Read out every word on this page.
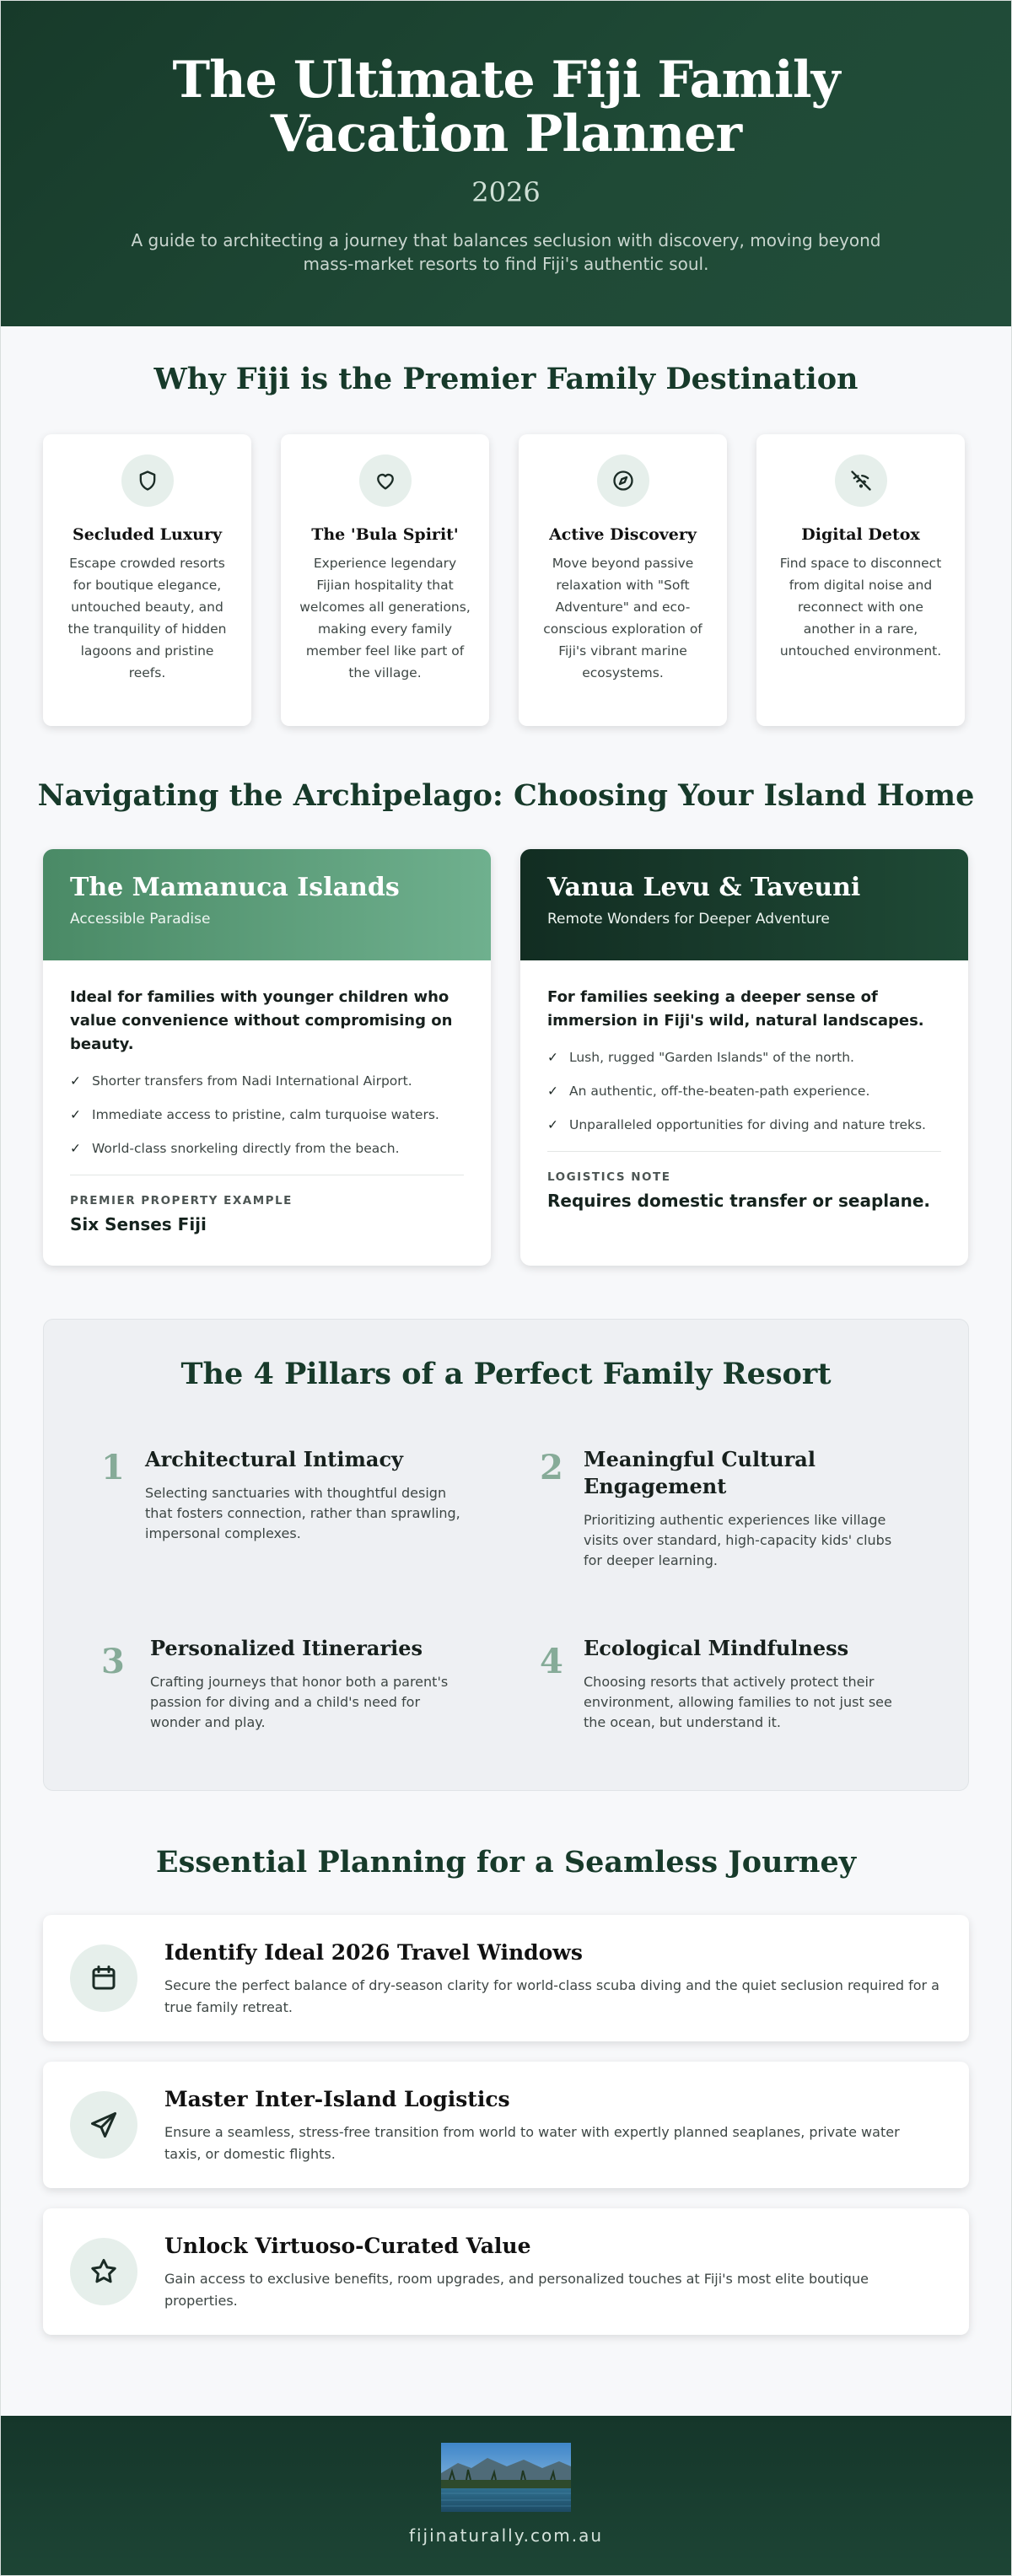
The Ultimate Fiji Family Vacation Planner
2026

A guide to architecting a journey that balances seclusion with discovery, moving beyond mass-market resorts to find Fiji's authentic soul.

Why Fiji is the Premier Family Destination
Secluded Luxury

Escape crowded resorts for boutique elegance, untouched beauty, and the tranquility of hidden lagoons and pristine reefs.

The 'Bula Spirit'

Experience legendary Fijian hospitality that welcomes all generations, making every family member feel like part of the village.

Active Discovery

Move beyond passive relaxation with "Soft Adventure" and eco-conscious exploration of Fiji's vibrant marine ecosystems.

Digital Detox

Find space to disconnect from digital noise and reconnect with one another in a rare, untouched environment.

Navigating the Archipelago: Choosing Your Island Home
The Mamanuca Islands
Accessible Paradise

Ideal for families with younger children who value convenience without compromising on beauty.

✓ Shorter transfers from Nadi International Airport.
✓ Immediate access to pristine, calm turquoise waters.
✓ World-class snorkeling directly from the beach.
PREMIER PROPERTY EXAMPLE
Six Senses Fiji
Vanua Levu & Taveuni
Remote Wonders for Deeper Adventure

For families seeking a deeper sense of immersion in Fiji's wild, natural landscapes.

✓ Lush, rugged "Garden Islands" of the north.
✓ An authentic, off-the-beaten-path experience.
✓ Unparalleled opportunities for diving and nature treks.
LOGISTICS NOTE
Requires domestic transfer or seaplane.
The 4 Pillars of a Perfect Family Resort
1 Architectural Intimacy

Selecting sanctuaries with thoughtful design that fosters connection, rather than sprawling, impersonal complexes.

2 Meaningful Cultural Engagement

Prioritizing authentic experiences like village visits over standard, high-capacity kids' clubs for deeper learning.

3 Personalized Itineraries

Crafting journeys that honor both a parent's passion for diving and a child's need for wonder and play.

4 Ecological Mindfulness

Choosing resorts that actively protect their environment, allowing families to not just see the ocean, but understand it.

Essential Planning for a Seamless Journey
Identify Ideal 2026 Travel Windows

Secure the perfect balance of dry-season clarity for world-class scuba diving and the quiet seclusion required for a true family retreat.

Master Inter-Island Logistics

Ensure a seamless, stress-free transition from world to water with expertly planned seaplanes, private water taxis, or domestic flights.

Unlock Virtuoso-Curated Value

Gain access to exclusive benefits, room upgrades, and personalized touches at Fiji's most elite boutique properties.

fijinaturally.com.au
